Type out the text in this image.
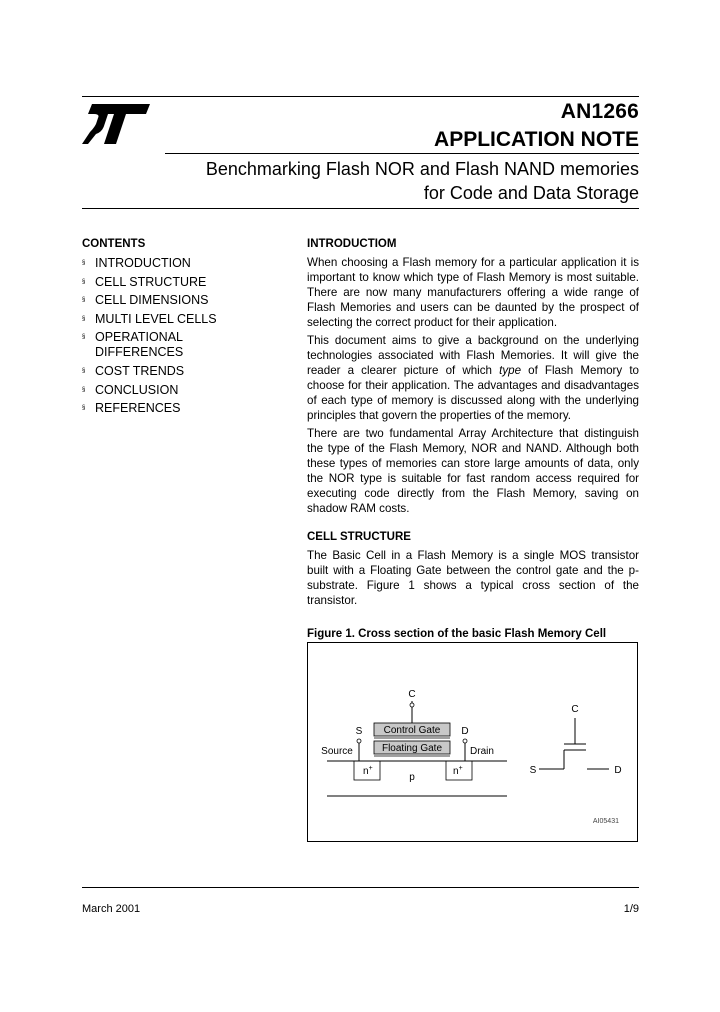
AN1266
APPLICATION NOTE
Benchmarking Flash NOR and Flash NAND memories
for Code and Data Storage
CONTENTS
§ INTRODUCTION
§ CELL STRUCTURE
§ CELL DIMENSIONS
§ MULTI LEVEL CELLS
§ OPERATIONAL
DIFFERENCES
§ COST TRENDS
§ CONCLUSION
§ REFERENCES
INTRODUCTIOM

When choosing a Flash memory for a particular application it is important to know which type of Flash Memory is most suitable. There are now many manufacturers offering a wide range of Flash Memories and users can be daunted by the prospect of selecting the correct product for their application.

This document aims to give a background on the underlying technologies associated with Flash Memories. It will give the reader a clearer picture of which type of Flash Memory to choose for their application. The advantages and disadvantages of each type of memory is discussed along with the underlying principles that govern the properties of the memory.

There are two fundamental Array Architecture that distinguish the type of the Flash Memory, NOR and NAND. Although both these types of memories can store large amounts of data, only the NOR type is suitable for fast random access required for executing code directly from the Flash Memory, saving on shadow RAM costs.

CELL STRUCTURE

The Basic Cell in a Flash Memory is a single MOS transistor built with a Floating Gate between the control gate and the p-substrate. Figure 1 shows a typical cross section of the transistor.

Figure 1. Cross section of the basic Flash Memory Cell
C
Control Gate
Floating Gate
S
Source
D
Drain
n+	n+
p
C
S	D
AI05431
March 2001	1/9
